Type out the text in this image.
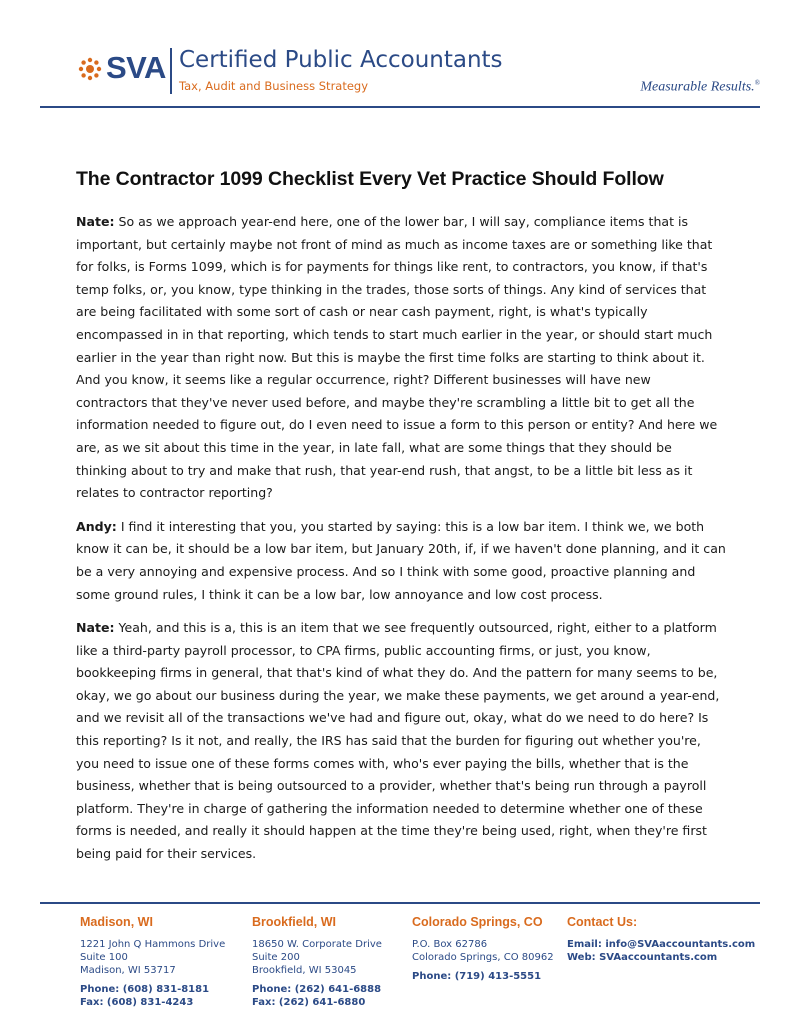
SVA Certified Public Accountants
Tax, Audit and Business Strategy	Measurable Results.®
The Contractor 1099 Checklist Every Vet Practice Should Follow

Nate: So as we approach year-end here, one of the lower bar, I will say, compliance items that is important, but certainly maybe not front of mind as much as income taxes are or something like that for folks, is Forms 1099, which is for payments for things like rent, to contractors, you know, if that's temp folks, or, you know, type thinking in the trades, those sorts of things. Any kind of services that are being facilitated with some sort of cash or near cash payment, right, is what's typically encompassed in in that reporting, which tends to start much earlier in the year, or should start much earlier in the year than right now. But this is maybe the first time folks are starting to think about it. And you know, it seems like a regular occurrence, right? Different businesses will have new contractors that they've never used before, and maybe they're scrambling a little bit to get all the information needed to figure out, do I even need to issue a form to this person or entity? And here we are, as we sit about this time in the year, in late fall, what are some things that they should be thinking about to try and make that rush, that year-end rush, that angst, to be a little bit less as it relates to contractor reporting?

Andy: I find it interesting that you, you started by saying: this is a low bar item. I think we, we both know it can be, it should be a low bar item, but January 20th, if, if we haven't done planning, and it can be a very annoying and expensive process. And so I think with some good, proactive planning and some ground rules, I think it can be a low bar, low annoyance and low cost process.

Nate: Yeah, and this is a, this is an item that we see frequently outsourced, right, either to a platform like a third-party payroll processor, to CPA firms, public accounting firms, or just, you know, bookkeeping firms in general, that that's kind of what they do. And the pattern for many seems to be, okay, we go about our business during the year, we make these payments, we get around a year-end, and we revisit all of the transactions we've had and figure out, okay, what do we need to do here? Is this reporting? Is it not, and really, the IRS has said that the burden for figuring out whether you're, you need to issue one of these forms comes with, who's ever paying the bills, whether that is the business, whether that is being outsourced to a provider, whether that's being run through a payroll platform. They're in charge of gathering the information needed to determine whether one of these forms is needed, and really it should happen at the time they're being used, right, when they're first being paid for their services.

Madison, WI
1221 John Q Hammons Drive
Suite 100
Madison, WI 53717
Phone: (608) 831-8181
Fax: (608) 831-4243
Brookfield, WI
18650 W. Corporate Drive
Suite 200
Brookfield, WI 53045
Phone: (262) 641-6888
Fax: (262) 641-6880
Colorado Springs, CO
P.O. Box 62786
Colorado Springs, CO 80962
Phone: (719) 413-5551
Contact Us:
Email: info@SVAaccountants.com
Web: SVAaccountants.com
